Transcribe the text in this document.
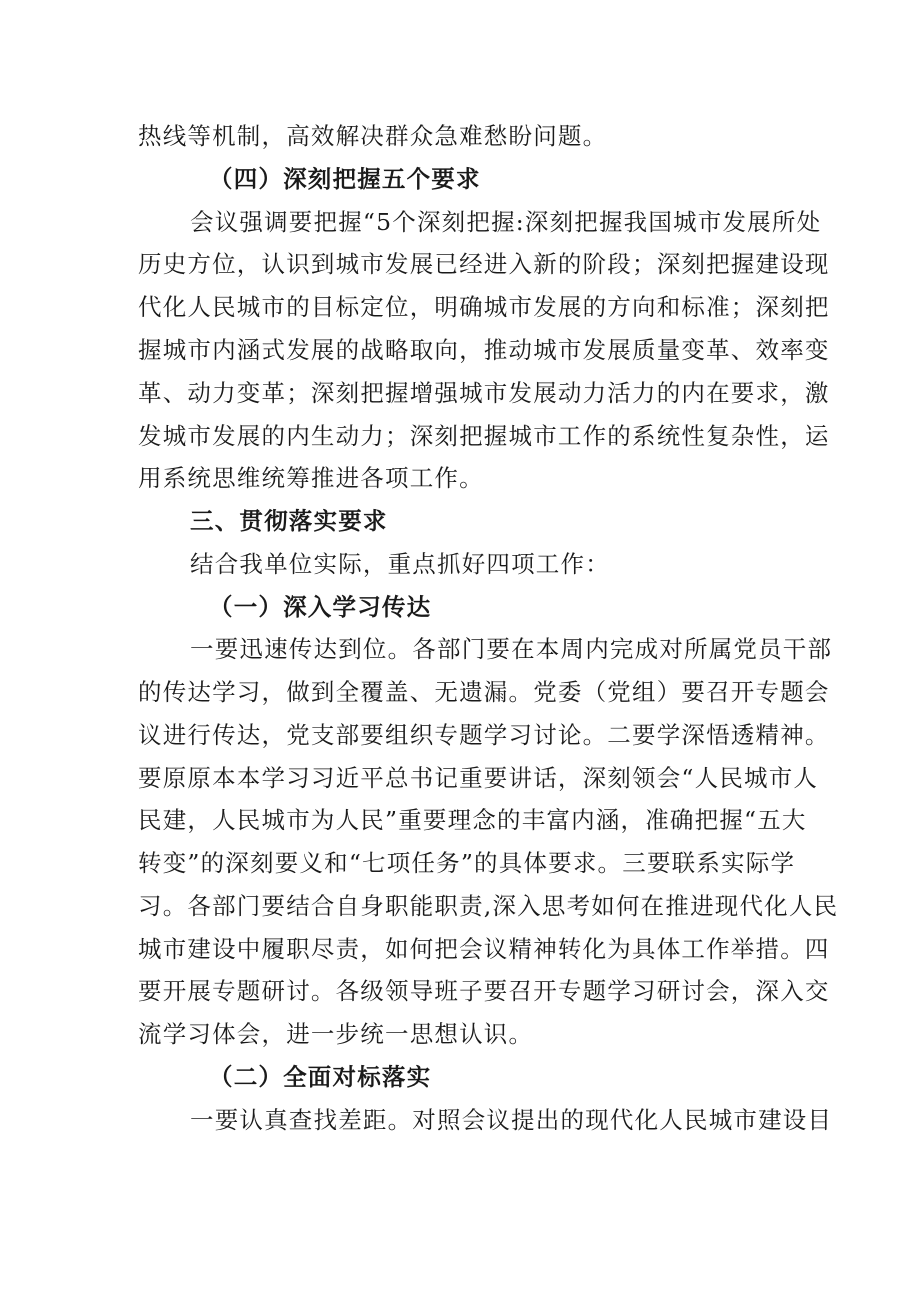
热线等机制，高效解决群众急难愁盼问题。

（四）深刻把握五个要求

会议强调要把握“5个深刻把握:深刻把握我国城市发展所处

历史方位，认识到城市发展已经进入新的阶段；深刻把握建设现

代化人民城市的目标定位，明确城市发展的方向和标准；深刻把

握城市内涵式发展的战略取向，推动城市发展质量变革、效率变

革、动力变革；深刻把握增强城市发展动力活力的内在要求，激

发城市发展的内生动力；深刻把握城市工作的系统性复杂性，运

用系统思维统筹推进各项工作。

三、贯彻落实要求

结合我单位实际，重点抓好四项工作：

（一）深入学习传达

一要迅速传达到位。各部门要在本周内完成对所属党员干部

的传达学习，做到全覆盖、无遗漏。党委（党组）要召开专题会

议进行传达，党支部要组织专题学习讨论。二要学深悟透精神。

要原原本本学习习近平总书记重要讲话，深刻领会“人民城市人

民建，人民城市为人民”重要理念的丰富内涵，准确把握“五大

转变”的深刻要义和“七项任务”的具体要求。三要联系实际学

习。各部门要结合自身职能职责,深入思考如何在推进现代化人民

城市建设中履职尽责，如何把会议精神转化为具体工作举措。四

要开展专题研讨。各级领导班子要召开专题学习研讨会，深入交

流学习体会，进一步统一思想认识。

（二）全面对标落实

一要认真查找差距。对照会议提出的现代化人民城市建设目
